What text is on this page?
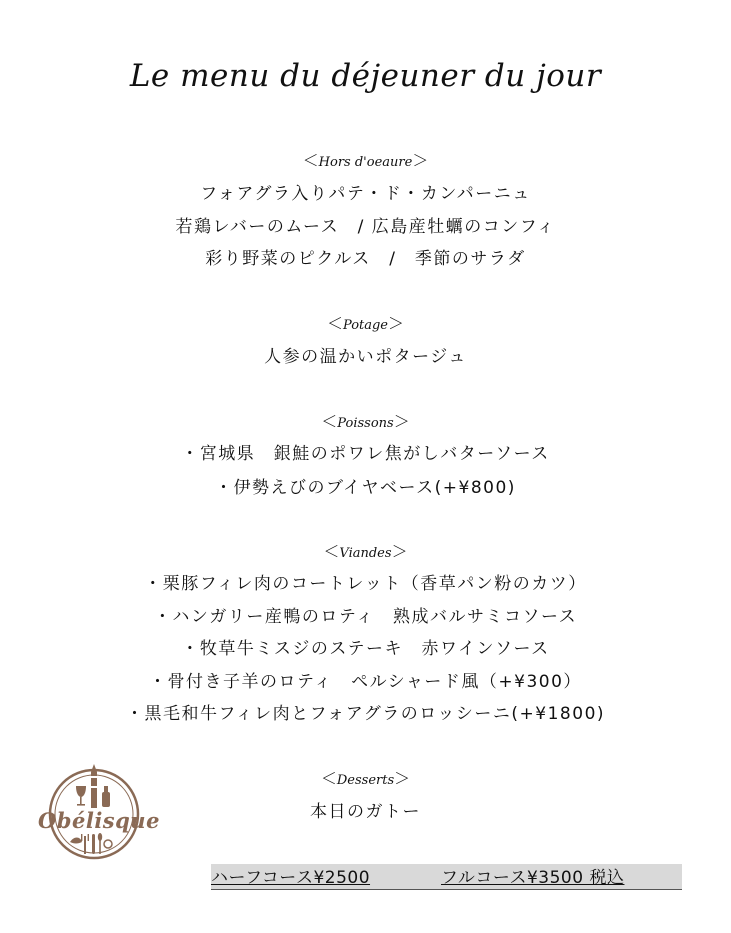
Le menu du déjeuner du jour
＜Hors d'oeaure＞
フォアグラ入りパテ・ド・カンパーニュ
若鶏レバーのムース　/ 広島産牡蠣のコンフィ
彩り野菜のピクルス　/　季節のサラダ
＜Potage＞
人参の温かいポタージュ
＜Poissons＞
・宮城県　銀鮭のポワレ焦がしバターソース
・伊勢えびのブイヤベース(+¥800)
＜Viandes＞
・栗豚フィレ肉のコートレット（香草パン粉のカツ）
・ハンガリー産鴨のロティ　熟成バルサミコソース
・牧草牛ミスジのステーキ　赤ワインソース
・骨付き子羊のロティ　ペルシャード風（+¥300）
・黒毛和牛フィレ肉とフォアグラのロッシーニ(+¥1800)
＜Desserts＞
本日のガトー
Obélisque
ハーフコース¥2500	フルコース¥3500 税込
